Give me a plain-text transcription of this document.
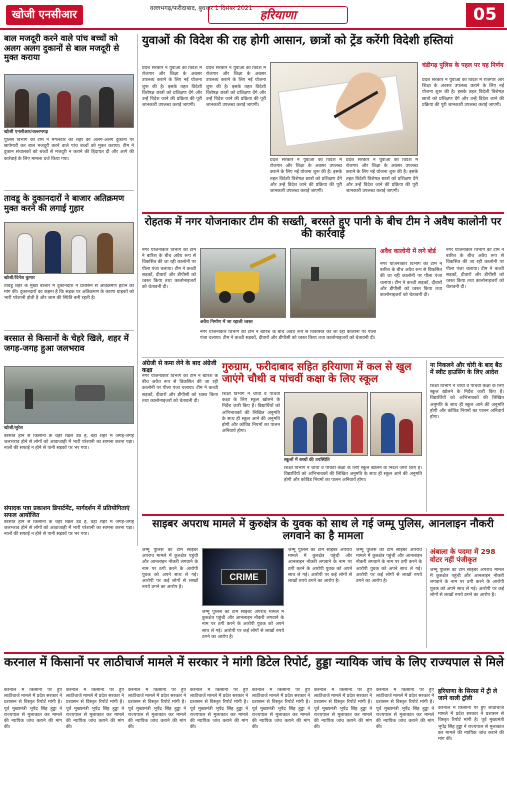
खोजी एनसीआर	वल्लभगढ़/फरीदाबाद, बुधवार 1 दिसंबर 2021 हरियाणा	05
बाल मजदूरी करने वाले पांच बच्चों को अलग अलग दुकानों से बाल मजदूरी से मुक्त कराया
खोजी एनसीआर/वल्लभगढ़
पुलिस विभाग की टीम ने मंगलवार को शहर की अलग-अलग दुकानों पर छापेमारी कर बाल मजदूरी करने वाले पांच बच्चों को मुक्त कराया। टीम ने दुकान संचालकों को बच्चों से मजदूरी न कराने की हिदायत दी और आगे की कार्रवाई के लिए मामला दर्ज किया गया।
तावडू के दुकानदारों ने बाजार अतिक्रमण मुक्त करने की लगाई गुहार
खोजी/दिनेश कुमार
तावडू शहर के मुख्य बाजार में दुकानदारों ने प्रशासन से अतिक्रमण हटाने की मांग की। दुकानदारों का कहना है कि सड़क पर अतिक्रमण के कारण ग्राहकों को भारी परेशानी होती है और जाम की स्थिति बनी रहती है।
बरसात से किसानों के चेहरे खिले, शहर में जगह-जगह हुआ जलभराव
खोजी/सुरेश
बरसात होने से किसानों के चेहरे खिल उठे हैं, वहीं शहर में जगह-जगह जलभराव होने से लोगों को आवाजाही में भारी परेशानी का सामना करना पड़ा। नालों की सफाई न होने से पानी सड़कों पर भर गया।
संपादक पत्रा प्रकाशन डिपार्टमेंट, मार्गदर्शन में प्रतियोगिताएं सफल आयोजित
बरसात होने से किसानों के चेहरे खिल उठे हैं, वहीं शहर में जगह-जगह जलभराव होने से लोगों को आवाजाही में भारी परेशानी का सामना करना पड़ा। नालों की सफाई न होने से पानी सड़कों पर भर गया।
युवाओं की विदेश की राह होगी आसान, छात्रों को ट्रेंड करेंगी विदेशी हस्तियां
प्रदेश सरकार ने युवाओं को विदेश में रोजगार और शिक्षा के अवसर उपलब्ध कराने के लिए नई योजना शुरू की है। इसके तहत विदेशी विशेषज्ञ छात्रों को प्रशिक्षण देंगे और उन्हें विदेश जाने की प्रक्रिया की पूरी जानकारी उपलब्ध कराई जाएगी।
प्रदेश सरकार ने युवाओं को विदेश में रोजगार और शिक्षा के अवसर उपलब्ध कराने के लिए नई योजना शुरू की है। इसके तहत विदेशी विशेषज्ञ छात्रों को प्रशिक्षण देंगे और उन्हें विदेश जाने की प्रक्रिया की पूरी जानकारी उपलब्ध कराई जाएगी।
प्रदेश सरकार ने युवाओं को विदेश में रोजगार और शिक्षा के अवसर उपलब्ध कराने के लिए नई योजना शुरू की है। इसके तहत विदेशी विशेषज्ञ छात्रों को प्रशिक्षण देंगे और उन्हें विदेश जाने की प्रक्रिया की पूरी जानकारी उपलब्ध कराई जाएगी।
प्रदेश सरकार ने युवाओं को विदेश में रोजगार और शिक्षा के अवसर उपलब्ध कराने के लिए नई योजना शुरू की है। इसके तहत विदेशी विशेषज्ञ छात्रों को प्रशिक्षण देंगे और उन्हें विदेश जाने की प्रक्रिया की पूरी जानकारी उपलब्ध कराई जाएगी।
चंडीगढ़ पुलिस के पहल पर यह निर्णय
प्रदेश सरकार ने युवाओं को विदेश में रोजगार और शिक्षा के अवसर उपलब्ध कराने के लिए नई योजना शुरू की है। इसके तहत विदेशी विशेषज्ञ छात्रों को प्रशिक्षण देंगे और उन्हें विदेश जाने की प्रक्रिया की पूरी जानकारी उपलब्ध कराई जाएगी।
रोहतक में नगर योजनाकार टीम की सख्ती, बरसते हुए पानी के बीच टीम ने अवैध कालोनी पर की कार्रवाई
नगर योजनाकार विभाग की टीम ने बारिश के बीच अवैध रूप से विकसित की जा रही कालोनी पर पीला पंजा चलाया। टीम ने कच्ची सड़कों, दीवारों और डीपीसी को ध्वस्त किया तथा कालोनाइजरों को चेतावनी दी।
अवैध निर्माण में जा रहाली ध्वस्त
अवैध कालोनी में लगे बोर्ड
नगर योजनाकार विभाग की टीम ने बारिश के बीच अवैध रूप से विकसित की जा रही कालोनी पर पीला पंजा चलाया। टीम ने कच्ची सड़कों, दीवारों और डीपीसी को ध्वस्त किया तथा कालोनाइजरों को चेतावनी दी।
नगर योजनाकार विभाग की टीम ने बारिश के बीच अवैध रूप से विकसित की जा रही कालोनी पर पीला पंजा चलाया। टीम ने कच्ची सड़कों, दीवारों और डीपीसी को ध्वस्त किया तथा कालोनाइजरों को चेतावनी दी।
नगर योजनाकार विभाग की टीम ने बारिश के बीच अवैध रूप से विकसित की जा रही कालोनी पर पीला पंजा चलाया। टीम ने कच्ची सड़कों, दीवारों और डीपीसी को ध्वस्त किया तथा कालोनाइजरों को चेतावनी दी।
अंग्रेजी से कमा लेने के बाद अंग्रेजी कक्षा
नगर योजनाकार विभाग की टीम ने बारिश के बीच अवैध रूप से विकसित की जा रही कालोनी पर पीला पंजा चलाया। टीम ने कच्ची सड़कों, दीवारों और डीपीसी को ध्वस्त किया तथा कालोनाइजरों को चेतावनी दी।
गुरुग्राम, फरीदाबाद सहित हरियाणा में कल से खुल जाएंगे चौथी व पांचवीं कक्षा के लिए स्कूल
शिक्षा विभाग ने चौथी व पांचवीं कक्षा के लिए स्कूल खोलने के निर्देश जारी किए हैं। विद्यार्थियों को अभिभावकों की लिखित अनुमति के साथ ही स्कूल आने की अनुमति होगी और कोविड नियमों का पालन अनिवार्य होगा।
स्कूलों में बच्चों की उपस्थिति
शिक्षा विभाग ने चौथी व पांचवीं कक्षा के लिए स्कूल खोलने के निर्देश जारी किए हैं। विद्यार्थियों को अभिभावकों की लिखित अनुमति के साथ ही स्कूल आने की अनुमति होगी और कोविड नियमों का पालन अनिवार्य होगा।
ना निकलने और चोरी के बाद बैठ में स्वीट हाउसिंग के लिए आदेश
शिक्षा विभाग ने चौथी व पांचवीं कक्षा के लिए स्कूल खोलने के निर्देश जारी किए हैं। विद्यार्थियों को अभिभावकों की लिखित अनुमति के साथ ही स्कूल आने की अनुमति होगी और कोविड नियमों का पालन अनिवार्य होगा।
साइबर अपराध मामले में कुरुक्षेत्र के युवक को साथ ले गई जम्मू पुलिस, आनलाइन नौकरी लगवाने का है मामला
जम्मू पुलिस की टीम साइबर अपराध मामले में कुरुक्षेत्र पहुंची और आनलाइन नौकरी लगवाने के नाम पर ठगी करने के आरोपी युवक को अपने साथ ले गई। आरोपी पर कई लोगों से लाखों रुपये ठगने का आरोप है।
CRIME
जम्मू पुलिस की टीम साइबर अपराध मामले में कुरुक्षेत्र पहुंची और आनलाइन नौकरी लगवाने के नाम पर ठगी करने के आरोपी युवक को अपने साथ ले गई। आरोपी पर कई लोगों से लाखों रुपये ठगने का आरोप है।
जम्मू पुलिस की टीम साइबर अपराध मामले में कुरुक्षेत्र पहुंची और आनलाइन नौकरी लगवाने के नाम पर ठगी करने के आरोपी युवक को अपने साथ ले गई। आरोपी पर कई लोगों से लाखों रुपये ठगने का आरोप है।
जम्मू पुलिस की टीम साइबर अपराध मामले में कुरुक्षेत्र पहुंची और आनलाइन नौकरी लगवाने के नाम पर ठगी करने के आरोपी युवक को अपने साथ ले गई। आरोपी पर कई लोगों से लाखों रुपये ठगने का आरोप है।
अंबाला के पदमा में 298 वोटर नहीं पंजीकृत
जम्मू पुलिस की टीम साइबर अपराध मामले में कुरुक्षेत्र पहुंची और आनलाइन नौकरी लगवाने के नाम पर ठगी करने के आरोपी युवक को अपने साथ ले गई। आरोपी पर कई लोगों से लाखों रुपये ठगने का आरोप है।
करनाल में किसानों पर लाठीचार्ज मामले में सरकार ने मांगी डिटेल रिपोर्ट, हुड्डा न्यायिक जांच के लिए राज्यपाल से मिले
करनाल में किसानों पर हुए लाठीचार्ज मामले में प्रदेश सरकार ने प्रशासन से विस्तृत रिपोर्ट मांगी है। पूर्व मुख्यमंत्री भूपेंद्र सिंह हुड्डा ने राज्यपाल से मुलाकात कर मामले की न्यायिक जांच कराने की मांग की।
करनाल में किसानों पर हुए लाठीचार्ज मामले में प्रदेश सरकार ने प्रशासन से विस्तृत रिपोर्ट मांगी है। पूर्व मुख्यमंत्री भूपेंद्र सिंह हुड्डा ने राज्यपाल से मुलाकात कर मामले की न्यायिक जांच कराने की मांग की।
करनाल में किसानों पर हुए लाठीचार्ज मामले में प्रदेश सरकार ने प्रशासन से विस्तृत रिपोर्ट मांगी है। पूर्व मुख्यमंत्री भूपेंद्र सिंह हुड्डा ने राज्यपाल से मुलाकात कर मामले की न्यायिक जांच कराने की मांग की।
करनाल में किसानों पर हुए लाठीचार्ज मामले में प्रदेश सरकार ने प्रशासन से विस्तृत रिपोर्ट मांगी है। पूर्व मुख्यमंत्री भूपेंद्र सिंह हुड्डा ने राज्यपाल से मुलाकात कर मामले की न्यायिक जांच कराने की मांग की।
करनाल में किसानों पर हुए लाठीचार्ज मामले में प्रदेश सरकार ने प्रशासन से विस्तृत रिपोर्ट मांगी है। पूर्व मुख्यमंत्री भूपेंद्र सिंह हुड्डा ने राज्यपाल से मुलाकात कर मामले की न्यायिक जांच कराने की मांग की।
करनाल में किसानों पर हुए लाठीचार्ज मामले में प्रदेश सरकार ने प्रशासन से विस्तृत रिपोर्ट मांगी है। पूर्व मुख्यमंत्री भूपेंद्र सिंह हुड्डा ने राज्यपाल से मुलाकात कर मामले की न्यायिक जांच कराने की मांग की।
करनाल में किसानों पर हुए लाठीचार्ज मामले में प्रदेश सरकार ने प्रशासन से विस्तृत रिपोर्ट मांगी है। पूर्व मुख्यमंत्री भूपेंद्र सिंह हुड्डा ने राज्यपाल से मुलाकात कर मामले की न्यायिक जांच कराने की मांग की।
हरियाणा के सिरसा में ट्री ले जाने वाली ट्रॉली
करनाल में किसानों पर हुए लाठीचार्ज मामले में प्रदेश सरकार ने प्रशासन से विस्तृत रिपोर्ट मांगी है। पूर्व मुख्यमंत्री भूपेंद्र सिंह हुड्डा ने राज्यपाल से मुलाकात कर मामले की न्यायिक जांच कराने की मांग की।
